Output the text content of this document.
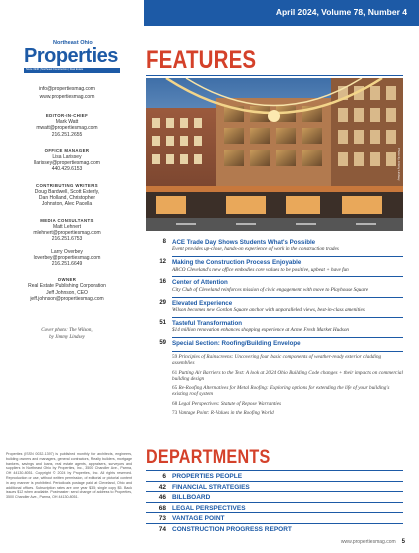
April 2024, Volume 78, Number 4
Northeast Ohio
Properties
Since 1946 | Northeast Construction | Real Estate
info@propertiesmag.com
www.propertiesmag.com
EDITOR-IN-CHIEF
Mark Watt
mwatt@propertiesmag.com
216.251.2655
OFFICE MANAGER
Lisa Larissey
llarissey@propertiesmag.com
440.429.6153
CONTRIBUTING WRITERS
Doug Bardwell, Scott Esterly,
Dan Holland, Christopher
Johnston, Alec Pacella
MEDIA CONSULTANTS
Matt Lehnert
mlehnert@propertiesmag.com
216.251.6753
Larry Overbey
loverbey@propertiesmag.com
216.251.6649
OWNER
Real Estate Publishing Corporation
Jeff Johnson, CEO
jeff.johnson@propertiesmag.com
Cover photo: The Wilson,
by Jimmy Lindsey
Properties (ISSN 0032-1397) is published monthly for architects, engineers, building owners and managers, general contractors, Realty builders, mortgage bankers, savings and loans, real estate agents, appraisers, surveyors and suppliers in Northeast Ohio by Properties, Inc., 3500 Chandler Ave., Parma, OH 44130-8051. Copyright © 2024 by Properties, Inc. All rights reserved. Reproduction or use, without written permission, of editorial or pictorial content in any manner is prohibited. Periodicals postage paid at Cleveland, Ohio and additional offices. Subscription rates are one year $35; single copy $5. Back issues $12 when available. Postmaster: send change of address to Properties, 3500 Chandler Ave., Parma, OH 44130-8051.
FEATURES
Photo by Jimmy Lindsey
8 ACE Trade Day Shows Students What's Possible
Event provides up-close, hands-on experience of work in the construction trades
12 Making the Construction Process Enjoyable
ABCO Cleveland's new office embodies core values to be positive, upbeat + have fun
16 Center of Attention
City Club of Cleveland reinforces mission of civic engagement with move to Playhouse Square
29 Elevated Experience
Wilson becomes new Gordon Square anchor with unparalleled views, best-in-class amenities
51 Tasteful Transformation
$14 million renovation enhances shopping experience at Acme Fresh Market Hudson
59 Special Section: Roofing/Building Envelope
59 Principles of Rainscreens: Uncovering four basic components of weather-ready exterior cladding assemblies
61 Putting Air Barriers to the Test: A look at 2024 Ohio Building Code changes + their impacts on commercial building design
65 Re-Roofing Alternatives for Metal Roofing: Exploring options for extending the life of your building's existing roof system
68 Legal Perspectives: Statute of Repose Warranties
73 Vantage Point: R-Values in the Roofing World
DEPARTMENTS
6 PROPERTIES PEOPLE
42 FINANCIAL STRATEGIES
46 BILLBOARD
68 LEGAL PERSPECTIVES
73 VANTAGE POINT
74 CONSTRUCTION PROGRESS REPORT
www.propertiesmag.com 5
